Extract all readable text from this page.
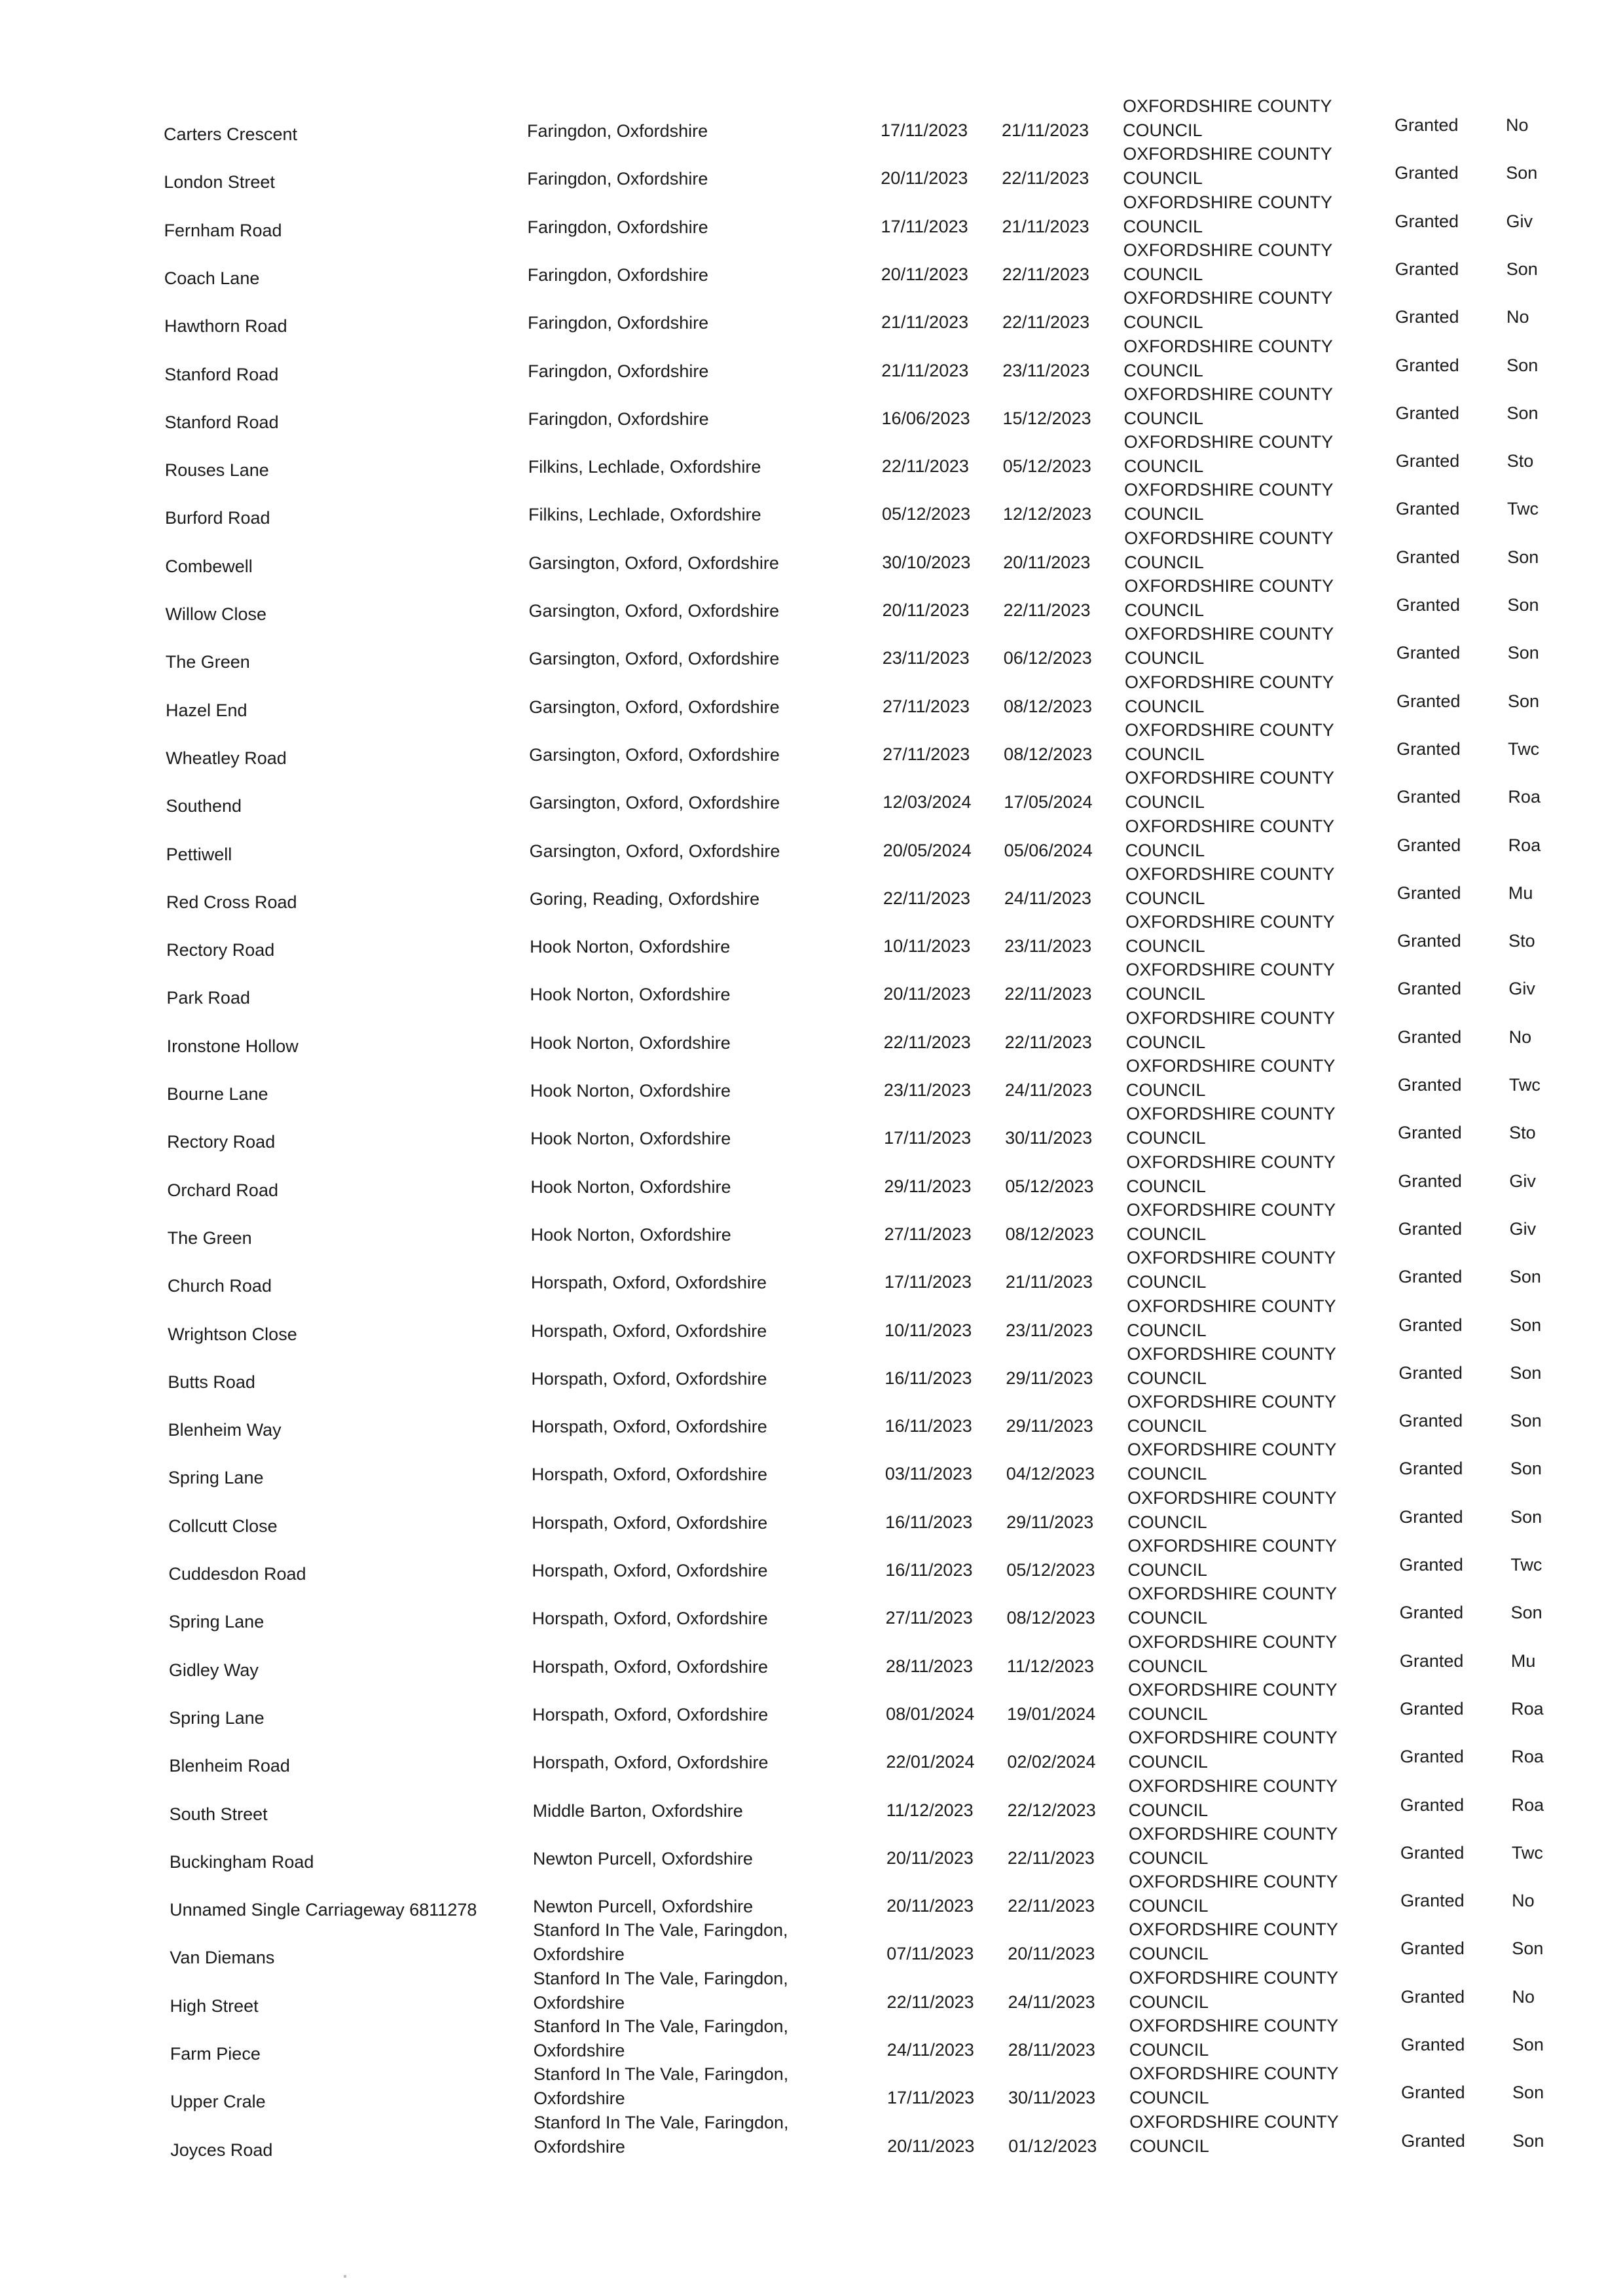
Carters Crescent	Faringdon, Oxfordshire	17/11/2023 21/11/2023
OXFORDSHIRE COUNTY
COUNCIL	Granted	No
London Street	Faringdon, Oxfordshire	20/11/2023 22/11/2023
OXFORDSHIRE COUNTY
COUNCIL	Granted	Son
Fernham Road	Faringdon, Oxfordshire	17/11/2023 21/11/2023
OXFORDSHIRE COUNTY
COUNCIL	Granted	Giv
Coach Lane	Faringdon, Oxfordshire	20/11/2023 22/11/2023
OXFORDSHIRE COUNTY
COUNCIL	Granted	Son
Hawthorn Road	Faringdon, Oxfordshire	21/11/2023 22/11/2023
OXFORDSHIRE COUNTY
COUNCIL	Granted	No
Stanford Road	Faringdon, Oxfordshire	21/11/2023 23/11/2023
OXFORDSHIRE COUNTY
COUNCIL	Granted	Son
Stanford Road	Faringdon, Oxfordshire	16/06/2023 15/12/2023
OXFORDSHIRE COUNTY
COUNCIL	Granted	Son
Rouses Lane	Filkins, Lechlade, Oxfordshire	22/11/2023 05/12/2023
OXFORDSHIRE COUNTY
COUNCIL	Granted	Sto
Burford Road	Filkins, Lechlade, Oxfordshire	05/12/2023 12/12/2023
OXFORDSHIRE COUNTY
COUNCIL	Granted	Twc
Combewell	Garsington, Oxford, Oxfordshire	30/10/2023 20/11/2023
OXFORDSHIRE COUNTY
COUNCIL	Granted	Son
Willow Close	Garsington, Oxford, Oxfordshire	20/11/2023 22/11/2023
OXFORDSHIRE COUNTY
COUNCIL	Granted	Son
The Green	Garsington, Oxford, Oxfordshire	23/11/2023 06/12/2023
OXFORDSHIRE COUNTY
COUNCIL	Granted	Son
Hazel End	Garsington, Oxford, Oxfordshire	27/11/2023 08/12/2023
OXFORDSHIRE COUNTY
COUNCIL	Granted	Son
Wheatley Road	Garsington, Oxford, Oxfordshire	27/11/2023 08/12/2023
OXFORDSHIRE COUNTY
COUNCIL	Granted	Twc
Southend	Garsington, Oxford, Oxfordshire	12/03/2024 17/05/2024
OXFORDSHIRE COUNTY
COUNCIL	Granted	Roa
Pettiwell	Garsington, Oxford, Oxfordshire	20/05/2024 05/06/2024
OXFORDSHIRE COUNTY
COUNCIL	Granted	Roa
Red Cross Road	Goring, Reading, Oxfordshire	22/11/2023 24/11/2023
OXFORDSHIRE COUNTY
COUNCIL	Granted	Mu
Rectory Road	Hook Norton, Oxfordshire	10/11/2023 23/11/2023
OXFORDSHIRE COUNTY
COUNCIL	Granted	Sto
Park Road	Hook Norton, Oxfordshire	20/11/2023 22/11/2023
OXFORDSHIRE COUNTY
COUNCIL	Granted	Giv
Ironstone Hollow	Hook Norton, Oxfordshire	22/11/2023 22/11/2023
OXFORDSHIRE COUNTY
COUNCIL	Granted	No
Bourne Lane	Hook Norton, Oxfordshire	23/11/2023 24/11/2023
OXFORDSHIRE COUNTY
COUNCIL	Granted	Twc
Rectory Road	Hook Norton, Oxfordshire	17/11/2023 30/11/2023
OXFORDSHIRE COUNTY
COUNCIL	Granted	Sto
Orchard Road	Hook Norton, Oxfordshire	29/11/2023 05/12/2023
OXFORDSHIRE COUNTY
COUNCIL	Granted	Giv
The Green	Hook Norton, Oxfordshire	27/11/2023 08/12/2023
OXFORDSHIRE COUNTY
COUNCIL	Granted	Giv
Church Road	Horspath, Oxford, Oxfordshire	17/11/2023 21/11/2023
OXFORDSHIRE COUNTY
COUNCIL	Granted	Son
Wrightson Close	Horspath, Oxford, Oxfordshire	10/11/2023 23/11/2023
OXFORDSHIRE COUNTY
COUNCIL	Granted	Son
Butts Road	Horspath, Oxford, Oxfordshire	16/11/2023 29/11/2023
OXFORDSHIRE COUNTY
COUNCIL	Granted	Son
Blenheim Way	Horspath, Oxford, Oxfordshire	16/11/2023 29/11/2023
OXFORDSHIRE COUNTY
COUNCIL	Granted	Son
Spring Lane	Horspath, Oxford, Oxfordshire	03/11/2023 04/12/2023
OXFORDSHIRE COUNTY
COUNCIL	Granted	Son
Collcutt Close	Horspath, Oxford, Oxfordshire	16/11/2023 29/11/2023
OXFORDSHIRE COUNTY
COUNCIL	Granted	Son
Cuddesdon Road	Horspath, Oxford, Oxfordshire	16/11/2023 05/12/2023
OXFORDSHIRE COUNTY
COUNCIL	Granted	Twc
Spring Lane	Horspath, Oxford, Oxfordshire	27/11/2023 08/12/2023
OXFORDSHIRE COUNTY
COUNCIL	Granted	Son
Gidley Way	Horspath, Oxford, Oxfordshire	28/11/2023 11/12/2023
OXFORDSHIRE COUNTY
COUNCIL	Granted	Mu
Spring Lane	Horspath, Oxford, Oxfordshire	08/01/2024 19/01/2024
OXFORDSHIRE COUNTY
COUNCIL	Granted	Roa
Blenheim Road	Horspath, Oxford, Oxfordshire	22/01/2024 02/02/2024
OXFORDSHIRE COUNTY
COUNCIL	Granted	Roa
South Street	Middle Barton, Oxfordshire	11/12/2023 22/12/2023
OXFORDSHIRE COUNTY
COUNCIL	Granted	Roa
Buckingham Road	Newton Purcell, Oxfordshire	20/11/2023 22/11/2023
OXFORDSHIRE COUNTY
COUNCIL	Granted	Twc
Unnamed Single Carriageway 6811278	Newton Purcell, Oxfordshire	20/11/2023 22/11/2023
OXFORDSHIRE COUNTY
COUNCIL	Granted	No
Van Diemans
Stanford In The Vale, Faringdon, Oxfordshire	07/11/2023 20/11/2023
OXFORDSHIRE COUNTY
COUNCIL	Granted	Son
High Street
Stanford In The Vale, Faringdon, Oxfordshire	22/11/2023 24/11/2023
OXFORDSHIRE COUNTY
COUNCIL	Granted	No
Farm Piece
Stanford In The Vale, Faringdon, Oxfordshire	24/11/2023 28/11/2023
OXFORDSHIRE COUNTY
COUNCIL	Granted	Son
Upper Crale
Stanford In The Vale, Faringdon, Oxfordshire	17/11/2023 30/11/2023
OXFORDSHIRE COUNTY
COUNCIL	Granted	Son
Joyces Road
Stanford In The Vale, Faringdon, Oxfordshire	20/11/2023 01/12/2023
OXFORDSHIRE COUNTY
COUNCIL	Granted	Son
